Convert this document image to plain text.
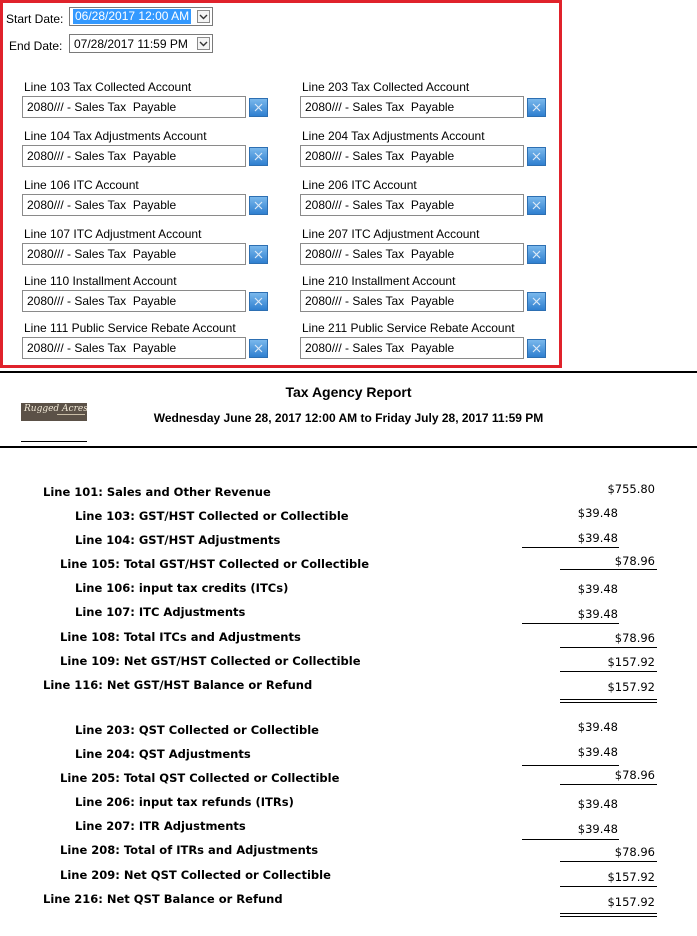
Start Date: 06/28/2017 12:00 AM
End Date: 07/28/2017 11:59 PM
Line 103 Tax Collected Account
2080/// - Sales Tax  Payable
Line 104 Tax Adjustments Account
2080/// - Sales Tax  Payable
Line 106 ITC Account
2080/// - Sales Tax  Payable
Line 107 ITC Adjustment Account
2080/// - Sales Tax  Payable
Line 110 Installment Account
2080/// - Sales Tax  Payable
Line 111 Public Service Rebate Account
2080/// - Sales Tax  Payable
Line 203 Tax Collected Account
2080/// - Sales Tax  Payable
Line 204 Tax Adjustments Account
2080/// - Sales Tax  Payable
Line 206 ITC Account
2080/// - Sales Tax  Payable
Line 207 ITC Adjustment Account
2080/// - Sales Tax  Payable
Line 210 Installment Account
2080/// - Sales Tax  Payable
Line 211 Public Service Rebate Account
2080/// - Sales Tax  Payable
Rugged Acres
Tax Agency Report
Wednesday June 28, 2017 12:00 AM to Friday July 28, 2017 11:59 PM
Line 101: Sales and Other Revenue	$755.80
Line 103: GST/HST Collected or Collectible	$39.48
Line 104: GST/HST Adjustments	$39.48
Line 105: Total GST/HST Collected or Collectible	$78.96
Line 106: input tax credits (ITCs)	$39.48
Line 107: ITC Adjustments	$39.48
Line 108: Total ITCs and Adjustments	$78.96
Line 109: Net GST/HST Collected or Collectible	$157.92
Line 116: Net GST/HST Balance or Refund	$157.92
Line 203: QST Collected or Collectible	$39.48
Line 204: QST Adjustments	$39.48
Line 205: Total QST Collected or Collectible	$78.96
Line 206: input tax refunds (ITRs)	$39.48
Line 207: ITR Adjustments	$39.48
Line 208: Total of ITRs and Adjustments	$78.96
Line 209: Net QST Collected or Collectible	$157.92
Line 216: Net QST Balance or Refund	$157.92
